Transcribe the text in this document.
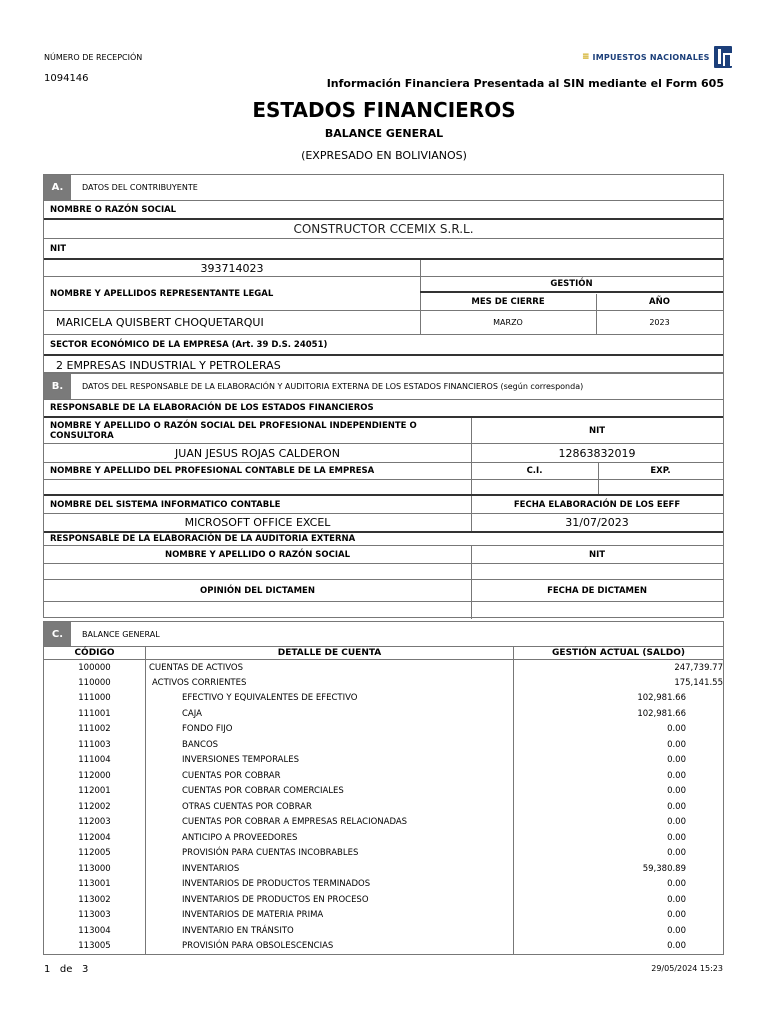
NÚMERO DE RECEPCIÓN
1094146
≡ IMPUESTOS NACIONALES
Información Financiera Presentada al SIN mediante el Form 605
ESTADOS FINANCIEROS
BALANCE GENERAL
(EXPRESADO EN BOLIVIANOS)
A.	DATOS DEL CONTRIBUYENTE
NOMBRE O RAZÓN SOCIAL
CONSTRUCTOR CCEMIX S.R.L.
NIT
393714023
NOMBRE Y APELLIDOS REPRESENTANTE LEGAL
GESTIÓN
MES DE CIERRE	AÑO
MARICELA QUISBERT CHOQUETARQUI	MARZO	2023
SECTOR ECONÓMICO DE LA EMPRESA (Art. 39 D.S. 24051)
2 EMPRESAS INDUSTRIAL Y PETROLERAS
B.	DATOS DEL RESPONSABLE DE LA ELABORACIÓN Y AUDITORIA EXTERNA DE LOS ESTADOS FINANCIEROS (según corresponda)
RESPONSABLE DE LA ELABORACIÓN DE LOS ESTADOS FINANCIEROS
NOMBRE Y APELLIDO O RAZÓN SOCIAL DEL PROFESIONAL INDEPENDIENTE O CONSULTORA	NIT
JUAN JESUS ROJAS CALDERON	12863832019
NOMBRE Y APELLIDO DEL PROFESIONAL CONTABLE DE LA EMPRESA	C.I.	EXP.
NOMBRE DEL SISTEMA INFORMATICO CONTABLE	FECHA ELABORACIÓN DE LOS EEFF
MICROSOFT OFFICE EXCEL	31/07/2023
RESPONSABLE DE LA ELABORACIÓN DE LA AUDITORIA EXTERNA
NOMBRE Y APELLIDO O RAZÓN SOCIAL	NIT
OPINIÓN DEL DICTAMEN	FECHA DE DICTAMEN
C.	BALANCE GENERAL
CÓDIGO	DETALLE DE CUENTA	GESTIÓN ACTUAL (SALDO)
100000	CUENTAS DE ACTIVOS	247,739.77
110000	ACTIVOS CORRIENTES	175,141.55
111000	EFECTIVO Y EQUIVALENTES DE EFECTIVO	102,981.66
111001	CAJA	102,981.66
111002	FONDO FIJO	0.00
111003	BANCOS	0.00
111004	INVERSIONES TEMPORALES	0.00
112000	CUENTAS POR COBRAR	0.00
112001	CUENTAS POR COBRAR COMERCIALES	0.00
112002	OTRAS CUENTAS POR COBRAR	0.00
112003	CUENTAS POR COBRAR A EMPRESAS RELACIONADAS	0.00
112004	ANTICIPO A PROVEEDORES	0.00
112005	PROVISIÓN PARA CUENTAS INCOBRABLES	0.00
113000	INVENTARIOS	59,380.89
113001	INVENTARIOS DE PRODUCTOS TERMINADOS	0.00
113002	INVENTARIOS DE PRODUCTOS EN PROCESO	0.00
113003	INVENTARIOS DE MATERIA PRIMA	0.00
113004	INVENTARIO EN TRÁNSITO	0.00
113005	PROVISIÓN PARA OBSOLESCENCIAS	0.00
1 de 3	29/05/2024 15:23
